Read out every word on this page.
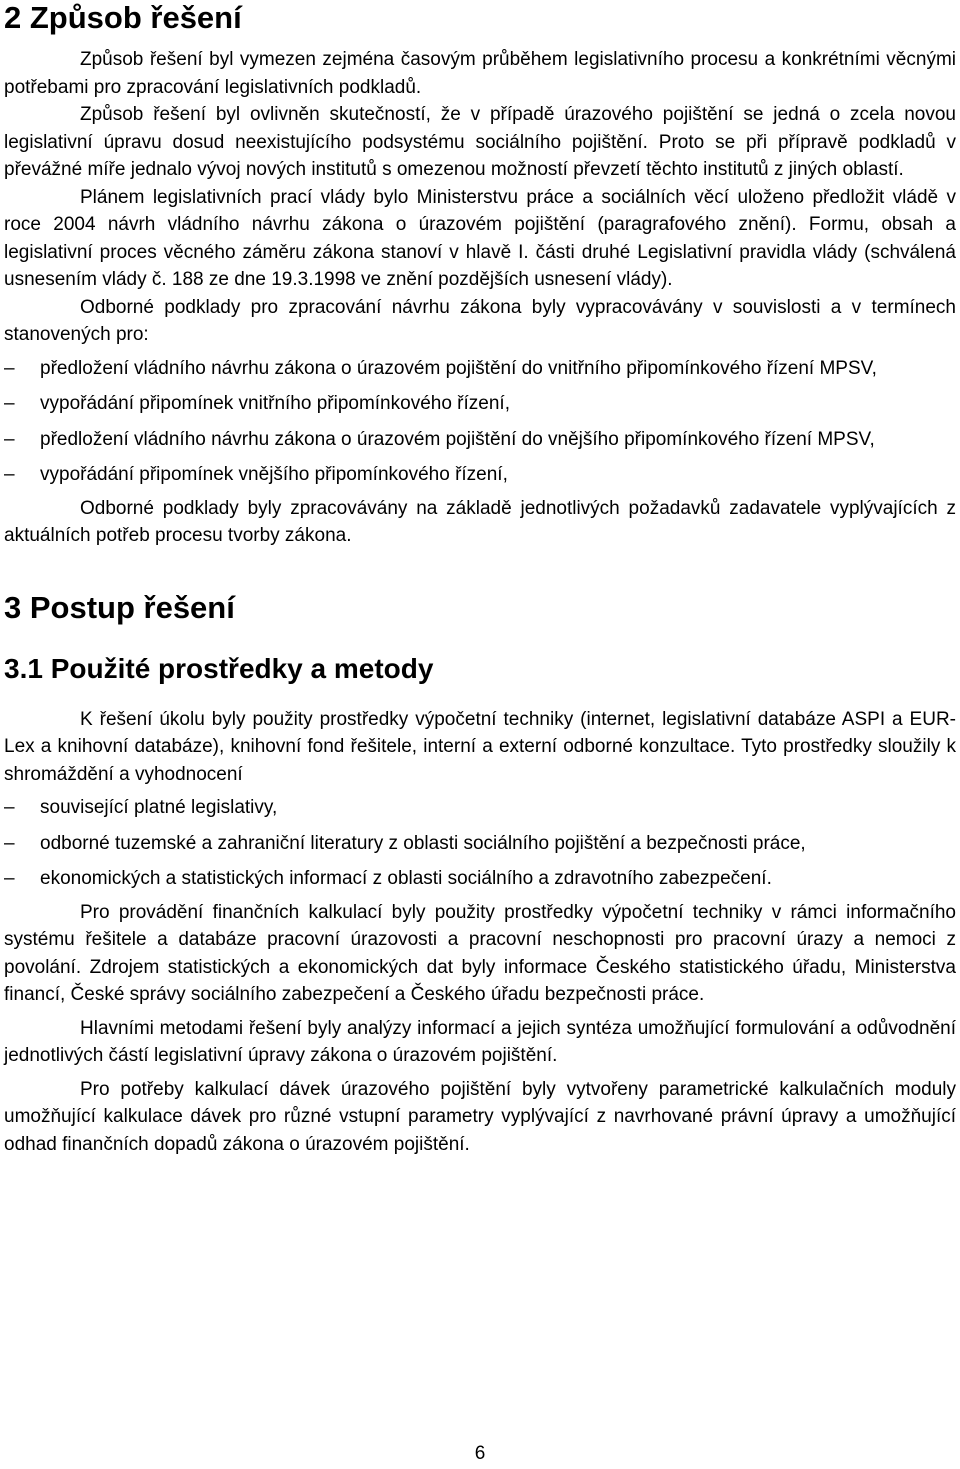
2 Způsob řešení

Způsob řešení byl vymezen zejména časovým průběhem legislativního procesu a konkrétními věcnými potřebami pro zpracování legislativních podkladů.

Způsob řešení byl ovlivněn skutečností, že v případě úrazového pojištění se jedná o zcela novou legislativní úpravu dosud neexistujícího podsystému sociálního pojištění. Proto se při přípravě podkladů v převážné míře jednalo vývoj nových institutů s omezenou možností převzetí těchto institutů z jiných oblastí.

Plánem legislativních prací vlády bylo Ministerstvu práce a sociálních věcí uloženo předložit vládě v roce 2004 návrh vládního návrhu zákona o úrazovém pojištění (paragrafového znění). Formu, obsah a legislativní proces věcného záměru zákona stanoví v hlavě I. části druhé Legislativní pravidla vlády (schválená usnesením vlády č. 188 ze dne 19.3.1998 ve znění pozdějších usnesení vlády).

Odborné podklady pro zpracování návrhu zákona byly vypracovávány v souvislosti a v termínech stanovených pro:

–	předložení vládního návrhu zákona o úrazovém pojištění do vnitřního připomínkového řízení MPSV,
–	vypořádání připomínek vnitřního připomínkového řízení,
–	předložení vládního návrhu zákona o úrazovém pojištění do vnějšího připomínkového řízení MPSV,
–	vypořádání připomínek vnějšího připomínkového řízení,

Odborné podklady byly zpracovávány na základě jednotlivých požadavků zadavatele vyplývajících z aktuálních potřeb procesu tvorby zákona.

3 Postup řešení
3.1 Použité prostředky a metody

K řešení úkolu byly použity prostředky výpočetní techniky (internet, legislativní databáze ASPI a EUR-Lex a knihovní databáze), knihovní fond řešitele, interní a externí odborné konzultace. Tyto prostředky sloužily k shromáždění a vyhodnocení

–	související platné legislativy,
–	odborné tuzemské a zahraniční literatury z oblasti sociálního pojištění a bezpečnosti práce,
–	ekonomických a statistických informací z oblasti sociálního a zdravotního zabezpečení.

Pro provádění finančních kalkulací byly použity prostředky výpočetní techniky v rámci informačního systému řešitele a databáze pracovní úrazovosti a pracovní neschopnosti pro pracovní úrazy a nemoci z povolání. Zdrojem statistických a ekonomických dat byly informace Českého statistického úřadu, Ministerstva financí, České správy sociálního zabezpečení a Českého úřadu bezpečnosti práce.

Hlavními metodami řešení byly analýzy informací a jejich syntéza umožňující formulování a odůvodnění jednotlivých částí legislativní úpravy zákona o úrazovém pojištění.

Pro potřeby kalkulací dávek úrazového pojištění byly vytvořeny parametrické kalkulačních moduly umožňující kalkulace dávek pro různé vstupní parametry vyplývající z navrhované právní úpravy a umožňující odhad finančních dopadů zákona o úrazovém pojištění.

6
